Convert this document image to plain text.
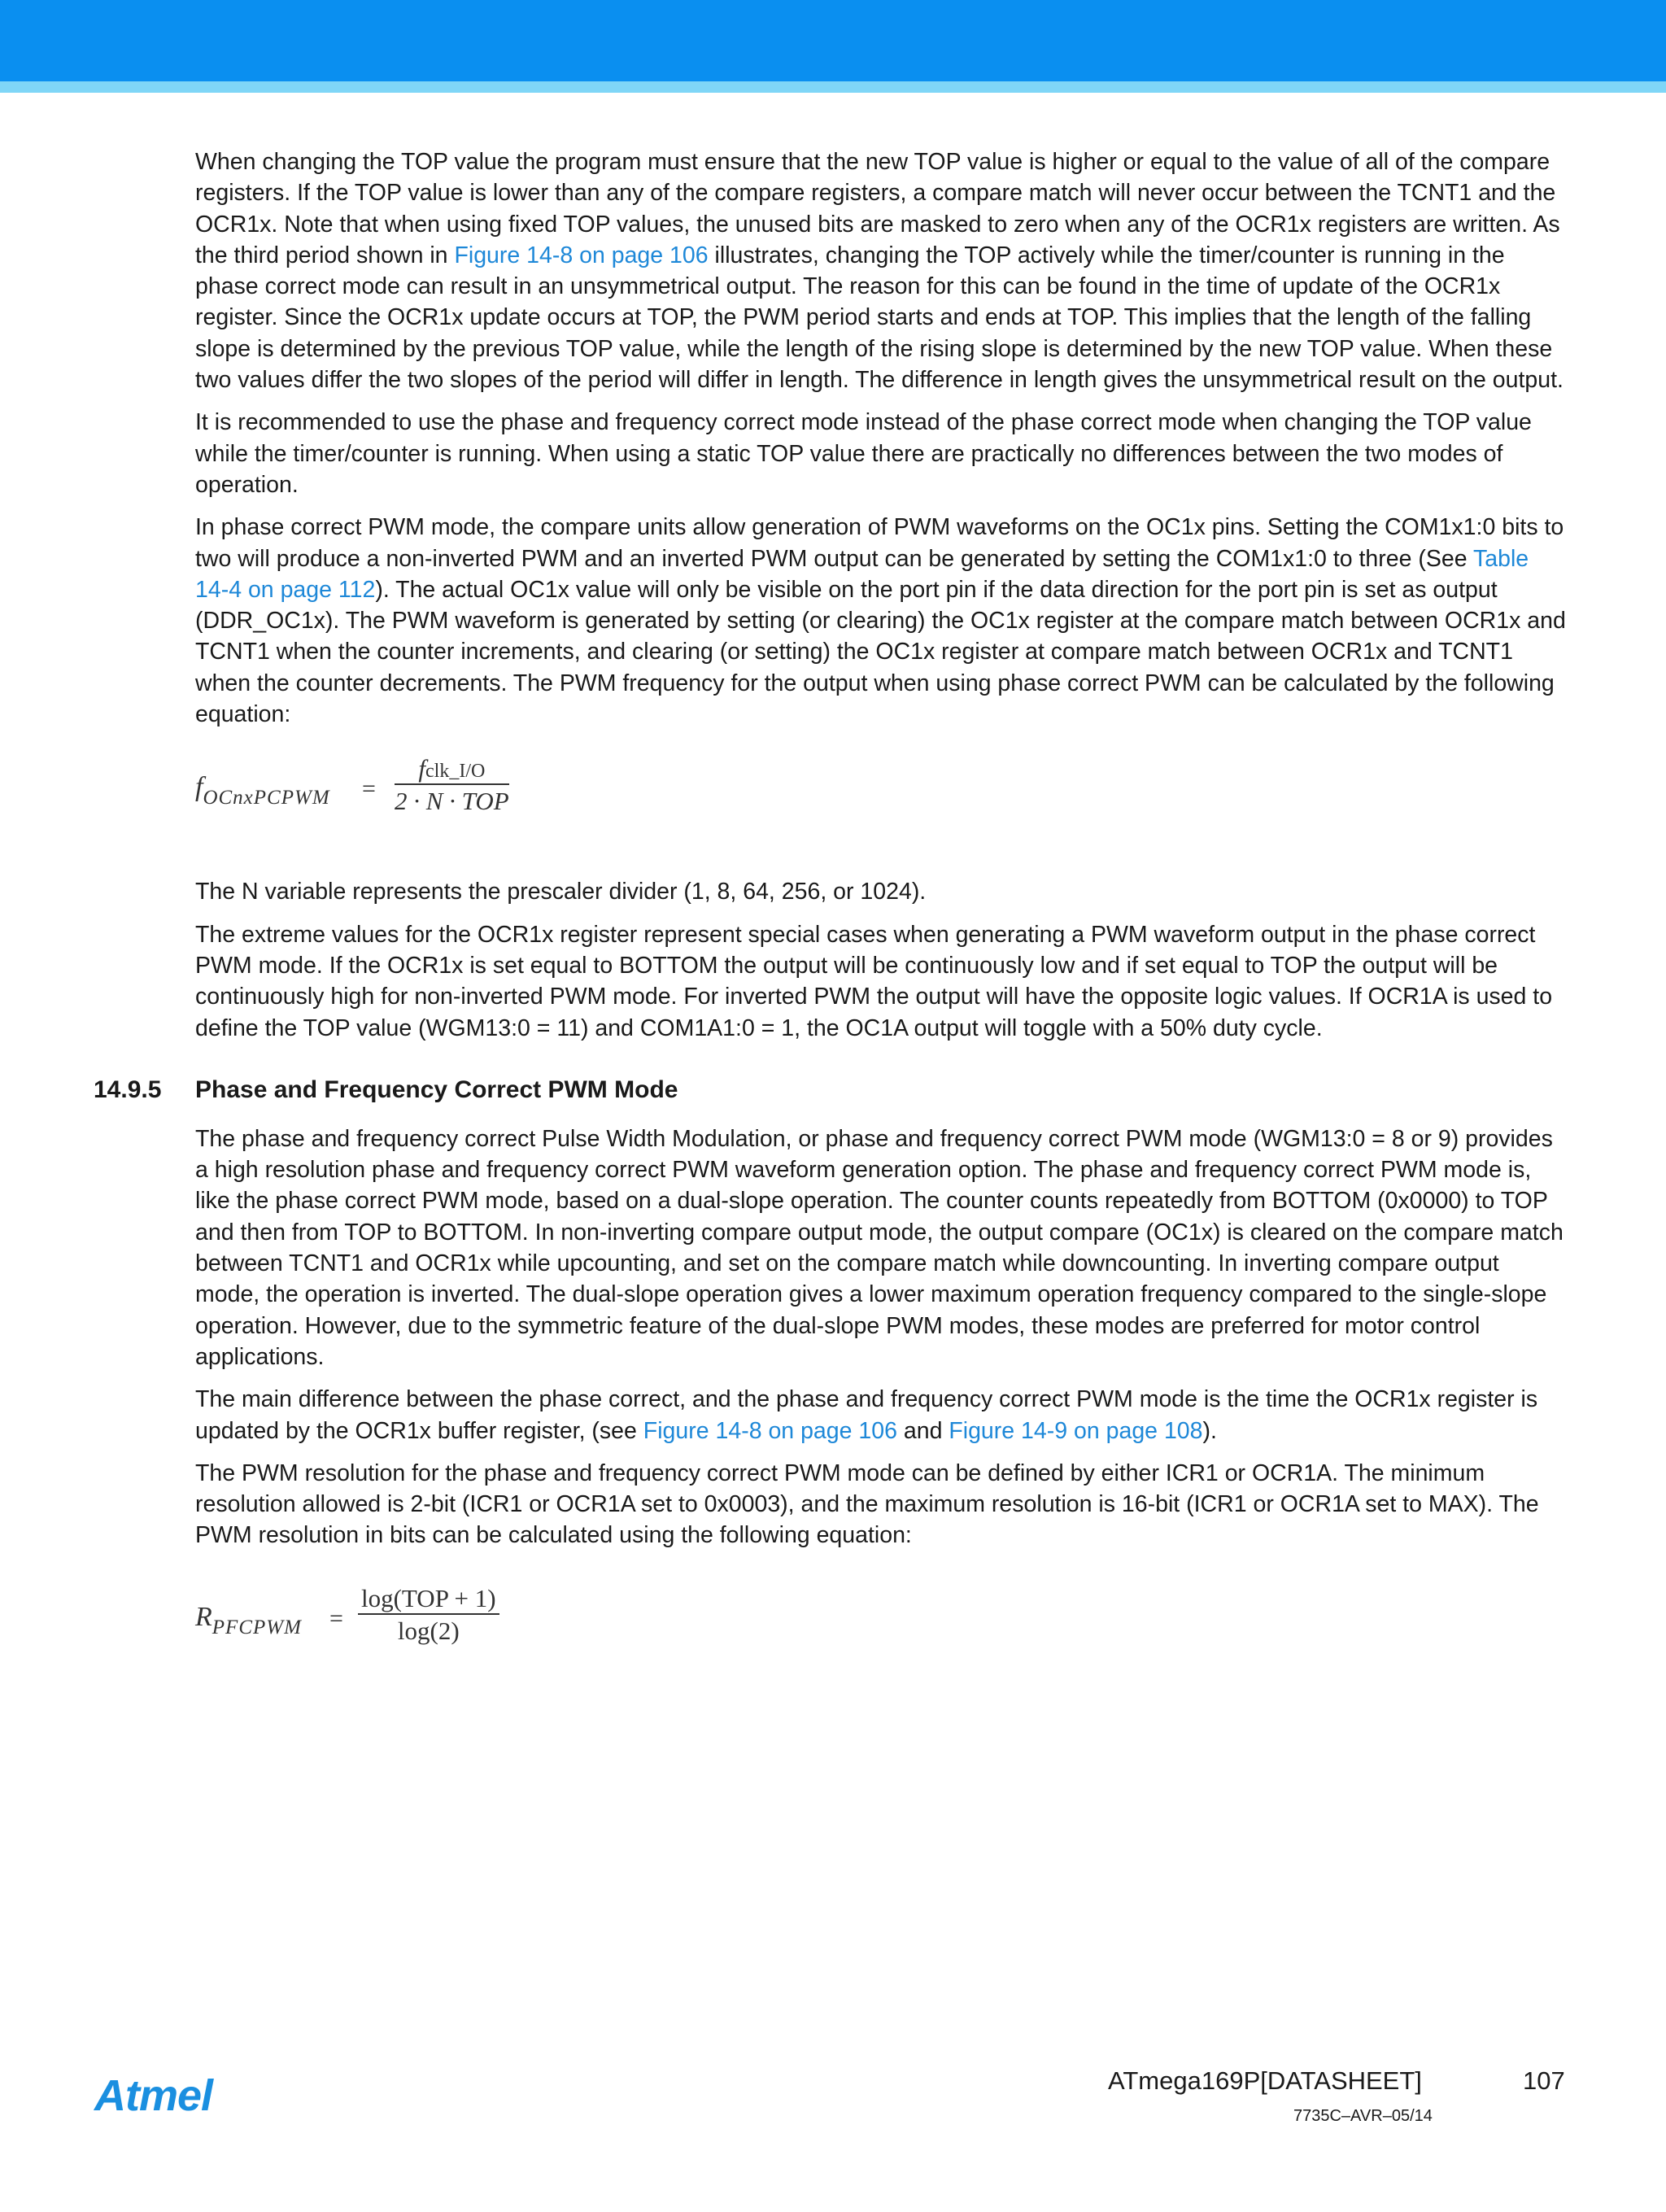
When changing the TOP value the program must ensure that the new TOP value is higher or equal to the value of all of the compare registers. If the TOP value is lower than any of the compare registers, a compare match will never occur between the TCNT1 and the OCR1x. Note that when using fixed TOP values, the unused bits are masked to zero when any of the OCR1x registers are written. As the third period shown in Figure 14-8 on page 106 illustrates, changing the TOP actively while the timer/counter is running in the phase correct mode can result in an unsymmetrical output. The reason for this can be found in the time of update of the OCR1x register. Since the OCR1x update occurs at TOP, the PWM period starts and ends at TOP. This implies that the length of the falling slope is determined by the previous TOP value, while the length of the rising slope is determined by the new TOP value. When these two values differ the two slopes of the period will differ in length. The difference in length gives the unsymmetrical result on the output.

It is recommended to use the phase and frequency correct mode instead of the phase correct mode when changing the TOP value while the timer/counter is running. When using a static TOP value there are practically no differences between the two modes of operation.

In phase correct PWM mode, the compare units allow generation of PWM waveforms on the OC1x pins. Setting the COM1x1:0 bits to two will produce a non-inverted PWM and an inverted PWM output can be generated by setting the COM1x1:0 to three (See Table 14-4 on page 112). The actual OC1x value will only be visible on the port pin if the data direction for the port pin is set as output (DDR_OC1x). The PWM waveform is generated by setting (or clearing) the OC1x register at the compare match between OCR1x and TCNT1 when the counter increments, and clearing (or setting) the OC1x register at compare match between OCR1x and TCNT1 when the counter decrements. The PWM frequency for the output when using phase correct PWM can be calculated by the following equation:

$f_{OCnxPCPWM}$ =
fclk_I/O
2 · N · TOP

The N variable represents the prescaler divider (1, 8, 64, 256, or 1024).

The extreme values for the OCR1x register represent special cases when generating a PWM waveform output in the phase correct PWM mode. If the OCR1x is set equal to BOTTOM the output will be continuously low and if set equal to TOP the output will be continuously high for non-inverted PWM mode. For inverted PWM the output will have the opposite logic values. If OCR1A is used to define the TOP value (WGM13:0 = 11) and COM1A1:0 = 1, the OC1A output will toggle with a 50% duty cycle.

14.9.5 Phase and Frequency Correct PWM Mode

The phase and frequency correct Pulse Width Modulation, or phase and frequency correct PWM mode (WGM13:0 = 8 or 9) provides a high resolution phase and frequency correct PWM waveform generation option. The phase and frequency correct PWM mode is, like the phase correct PWM mode, based on a dual-slope operation. The counter counts repeatedly from BOTTOM (0x0000) to TOP and then from TOP to BOTTOM. In non-inverting compare output mode, the output compare (OC1x) is cleared on the compare match between TCNT1 and OCR1x while upcounting, and set on the compare match while downcounting. In inverting compare output mode, the operation is inverted. The dual-slope operation gives a lower maximum operation frequency compared to the single-slope operation. However, due to the symmetric feature of the dual-slope PWM modes, these modes are preferred for motor control applications.

The main difference between the phase correct, and the phase and frequency correct PWM mode is the time the OCR1x register is updated by the OCR1x buffer register, (see Figure 14-8 on page 106 and Figure 14-9 on page 108).

The PWM resolution for the phase and frequency correct PWM mode can be defined by either ICR1 or OCR1A. The minimum resolution allowed is 2-bit (ICR1 or OCR1A set to 0x0003), and the maximum resolution is 16-bit (ICR1 or OCR1A set to MAX). The PWM resolution in bits can be calculated using the following equation:

$R_{PFCPWM}$ =
log(TOP + 1)
log(2)
Atmel	ATmega169P[DATASHEET]	107
7735C–AVR–05/14
